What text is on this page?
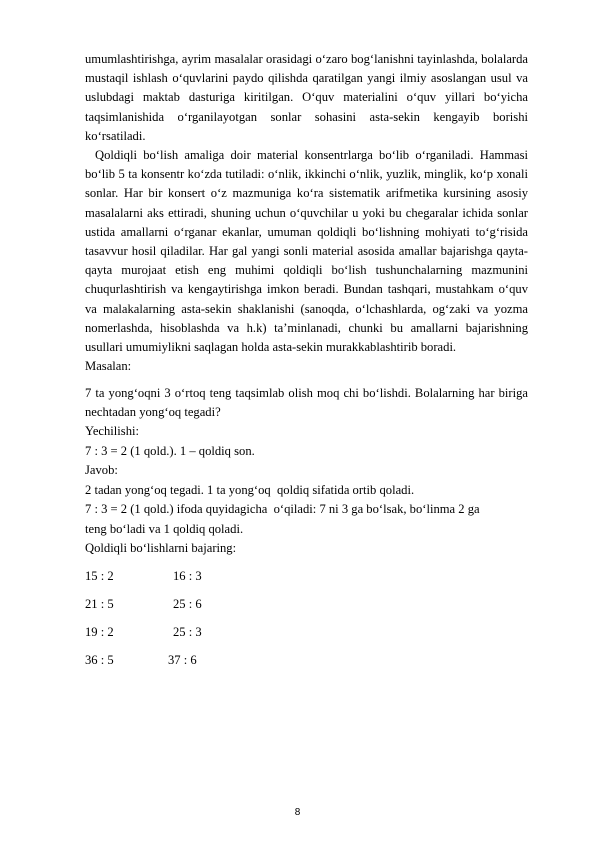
umumlashtirishga, ayrim masalalar orasidagi o‘zaro bog‘lanishni tayinlashda, bolalarda mustaqil ishlash o‘quvlarini paydo qilishda qaratilgan yangi ilmiy asoslangan usul va uslubdagi maktab dasturiga kiritilgan. O‘quv materialini o‘quv yillari bo‘yicha taqsimlanishida o‘rganilayotgan sonlar sohasini asta-sekin kengayib borishi ko‘rsatiladi.

Qoldiqli bo‘lish amaliga doir material konsentrlarga bo‘lib o‘rganiladi. Hammasi bo‘lib 5 ta konsentr ko‘zda tutiladi: o‘nlik, ikkinchi o‘nlik, yuzlik, minglik, ko‘p xonali sonlar. Har bir konsert o‘z mazmuniga ko‘ra sistematik arifmetika kursining asosiy masalalarni aks ettiradi, shuning uchun o‘quvchilar u yoki bu chegaralar ichida sonlar ustida amallarni o‘rganar ekanlar, umuman qoldiqli bo‘lishning mohiyati to‘g‘risida tasavvur hosil qiladilar. Har gal yangi sonli material asosida amallar bajarishga qayta-qayta murojaat etish eng muhimi qoldiqli bo‘lish tushunchalarning mazmunini chuqurlashtirish va kengaytirishga imkon beradi. Bundan tashqari, mustahkam o‘quv va malakalarning asta-sekin shaklanishi (sanoqda, o‘lchashlarda, og‘zaki va yozma nomerlashda, hisoblashda va h.k) ta’minlanadi, chunki bu amallarni bajarishning usullari umumiylikni saqlagan holda asta-sekin murakkablashtirib boradi.

Masalan:

7 ta yong‘oqni 3 o‘rtoq teng taqsimlab olish moq chi bo‘lishdi. Bolalarning har biriga nechtadan yong‘oq tegadi?

Yechilishi:

7 : 3 = 2 (1 qold.). 1 – qoldiq son.

Javob:

2 tadan yong‘oq tegadi. 1 ta yong‘oq  qoldiq sifatida ortib qoladi.

7 : 3 = 2 (1 qold.) ifoda quyidagicha  o‘qiladi: 7 ni 3 ga bo‘lsak, bo‘linma 2 ga

teng bo‘ladi va 1 qoldiq qoladi.

Qoldiqli bo‘lishlarni bajaring:

15 : 2	16 : 3
21 : 5	25 : 6
19 : 2	25 : 3
36 : 5	37 : 6
8
